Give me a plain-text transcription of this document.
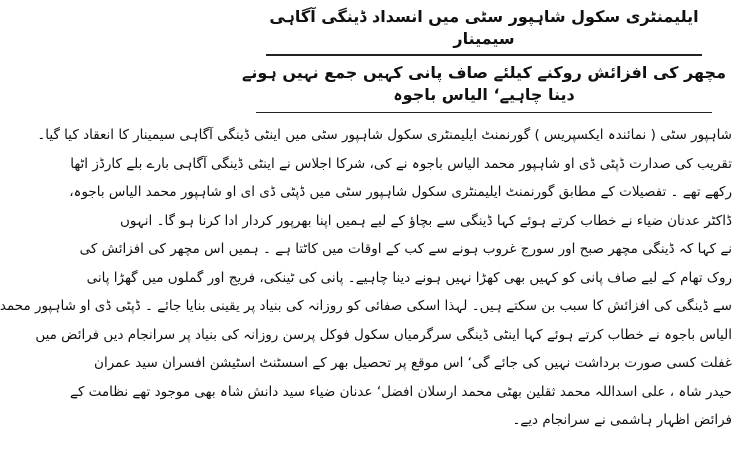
ایلیمنٹری سکول شاہپور سٹی میں انسداد ڈینگی آگاہی سیمینار
مچھر کی افزائش روکنے کیلئے صاف پانی کہیں جمع نہیں ہونے دینا چاہیے‘ الیاس باجوہ
شاہپور سٹی ( نمائندہ ایکسپریس ) گورنمنٹ ایلیمنٹری سکول شاہپور سٹی میں اینٹی ڈینگی آگاہی سیمینار کا انعقاد کیا گیا۔
تقریب کی صدارت ڈپٹی ڈی او شاہپور محمد الیاس باجوہ نے کی، شرکا اجلاس نے اینٹی ڈینگی آگاہی بارے بلے کارڈز اٹھا
رکھے تھے ۔ تفصیلات کے مطابق گورنمنٹ ایلیمنٹری سکول شاہپور سٹی میں ڈپٹی ڈی ای او شاہپور محمد الیاس باجوہ،
ڈاکٹر عدنان ضیاء نے خطاب کرتے ہوئے کہا ڈینگی سے بچاؤ کے لیے ہمیں اپنا بھرپور کردار ادا کرنا ہو گا۔ انہوں
نے کہا کہ ڈینگی مچھر صبح اور سورج غروب ہونے سے کب کے اوقات میں کاٹتا ہے ۔ ہمیں اس مچھر کی افزائش کی
روک تھام کے لیے صاف پانی کو کہیں بھی کھڑا نہیں ہونے دینا چاہیے۔ پانی کی ٹینکی، فریج اور گملوں میں گھڑا پانی
سے ڈینگی کی افزائش کا سبب بن سکتے ہیں۔ لہذا اسکی صفائی کو روزانہ کی بنیاد پر یقینی بنایا جائے ۔ ڈپٹی ڈی او شاہپور محمد
الیاس باجوہ نے خطاب کرتے ہوئے کہا اینٹی ڈینگی سرگرمیاں سکول فوکل پرسن روزانہ کی بنیاد پر سرانجام دیں فرائض میں
غفلت کسی صورت برداشت نہیں کی جائے گی‘ اس موقع پر تحصیل بھر کے اسسٹنٹ اسٹیشن افسران سید عمران
حیدر شاہ ، علی اسداللہ محمد ثقلین بھٹی محمد ارسلان افضل‘ عدنان ضیاء سید دانش شاہ بھی موجود تھے نظامت کے
فرائض اظہار ہاشمی نے سرانجام دیے۔
